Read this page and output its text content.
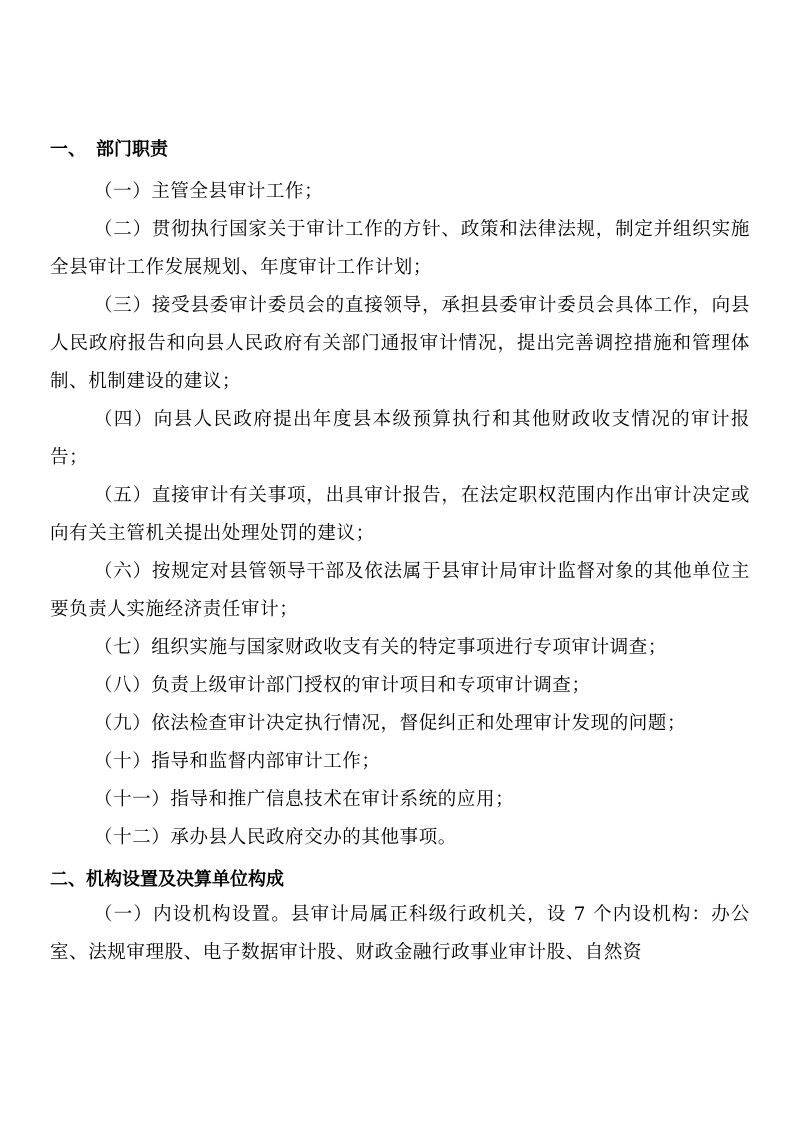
一、 部门职责

（一）主管全县审计工作；

（二）贯彻执行国家关于审计工作的方针、政策和法律法规，制定并组织实施全县审计工作发展规划、年度审计工作计划；

（三）接受县委审计委员会的直接领导，承担县委审计委员会具体工作，向县人民政府报告和向县人民政府有关部门通报审计情况，提出完善调控措施和管理体制、机制建设的建议；

（四）向县人民政府提出年度县本级预算执行和其他财政收支情况的审计报告；

（五）直接审计有关事项，出具审计报告，在法定职权范围内作出审计决定或向有关主管机关提出处理处罚的建议；

（六）按规定对县管领导干部及依法属于县审计局审计监督对象的其他单位主要负责人实施经济责任审计；

（七）组织实施与国家财政收支有关的特定事项进行专项审计调查；

（八）负责上级审计部门授权的审计项目和专项审计调查；

（九）依法检查审计决定执行情况，督促纠正和处理审计发现的问题；

（十）指导和监督内部审计工作；

（十一）指导和推广信息技术在审计系统的应用；

（十二）承办县人民政府交办的其他事项。

二、机构设置及决算单位构成

（一）内设机构设置。县审计局属正科级行政机关，设 7 个内设机构：办公室、法规审理股、电子数据审计股、财政金融行政事业审计股、自然资
